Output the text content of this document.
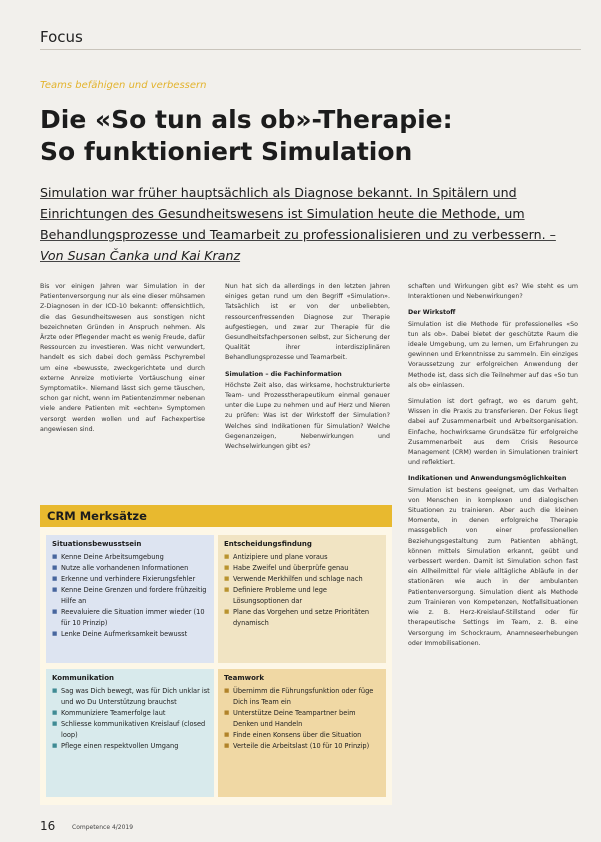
Focus
Teams befähigen und verbessern
Die «So tun als ob»-Therapie:
So funktioniert Simulation

Simulation war früher hauptsächlich als Diagnose bekannt. In Spitälern und Einrichtungen des Gesundheitswesens ist Simulation heute die Methode, um Behandlungsprozesse und Teamarbeit zu professionalisieren und zu verbessern. – Von Susan Čanka und Kai Kranz

Bis vor einigen Jahren war Simulation in der Patientenversorgung nur als eine dieser mühsamen Z-Diagnosen in der ICD-10 bekannt: offensichtlich, die das Gesundheitswesen aus sonstigen nicht bezeichneten Gründen in Anspruch nehmen. Als Ärzte oder Pflegender macht es wenig Freude, dafür Ressourcen zu investieren. Was nicht verwundert, handelt es sich dabei doch gemäss Pschyrembel um eine «bewusste, zweckgerichtete und durch externe Anreize motivierte Vortäuschung einer Symptomatik». Niemand lässt sich gerne täuschen, schon gar nicht, wenn im Patientenzimmer nebenan viele andere Patienten mit «echten» Symptomen versorgt werden wollen und auf Fachexpertise angewiesen sind.

Nun hat sich da allerdings in den letzten Jahren einiges getan rund um den Begriff «Simulation». Tatsächlich ist er von der unbeliebten, ressourcenfressenden Diagnose zur Therapie aufgestiegen, und zwar zur Therapie für die Gesundheitsfachpersonen selbst, zur Sicherung der Qualität ihrer interdisziplinären Behandlungsprozesse und Teamarbeit.

Simulation – die Fachinformation

Höchste Zeit also, das wirksame, hochstrukturierte Team- und Prozesstherapeutikum einmal genauer unter die Lupe zu nehmen und auf Herz und Nieren zu prüfen: Was ist der Wirkstoff der Simulation? Welches sind Indikationen für Simulation? Welche Gegenanzeigen, Nebenwirkungen und Wechselwirkungen gibt es?

schaften und Wirkungen gibt es? Wie steht es um Interaktionen und Nebenwirkungen?

Der Wirkstoff

Simulation ist die Methode für professionelles «So tun als ob». Dabei bietet der geschützte Raum die ideale Umgebung, um zu lernen, um Erfahrungen zu gewinnen und Erkenntnisse zu sammeln. Ein einziges Voraussetzung zur erfolgreichen Anwendung der Methode ist, dass sich die Teilnehmer auf das «So tun als ob» einlassen.

Simulation ist dort gefragt, wo es darum geht, Wissen in die Praxis zu transferieren. Der Fokus liegt dabei auf Zusammenarbeit und Arbeitsorganisation. Einfache, hochwirksame Grundsätze für erfolgreiche Zusammenarbeit aus dem Crisis Resource Management (CRM) werden in Simulationen trainiert und reflektiert.

Indikationen und Anwendungsmöglichkeiten

Simulation ist bestens geeignet, um das Verhalten von Menschen in komplexen und dialogischen Situationen zu trainieren. Aber auch die kleinen Momente, in denen erfolgreiche Therapie massgeblich von einer professionellen Beziehungsgestaltung zum Patienten abhängt, können mittels Simulation erkannt, geübt und verbessert werden. Damit ist Simulation schon fast ein Allheilmittel für viele alltägliche Abläufe in der stationären wie auch in der ambulanten Patientenversorgung. Simulation dient als Methode zum Trainieren von Kompetenzen, Notfallsituationen wie z. B. Herz-Kreislauf-Stillstand oder für therapeutische Settings im Team, z. B. eine Versorgung im Schockraum, Anamneseerhebungen oder Immobilisationen.

CRM Merksätze
Situationsbewusstsein
■ Kenne Deine Arbeitsumgebung
■ Nutze alle vorhandenen Informationen
■ Erkenne und verhindere Fixierungsfehler
■ Kenne Deine Grenzen und fordere frühzeitig Hilfe an
■ Reevaluiere die Situation immer wieder (10 für 10 Prinzip)
■ Lenke Deine Aufmerksamkeit bewusst
Entscheidungsfindung
■ Antizipiere und plane voraus
■ Habe Zweifel und überprüfe genau
■ Verwende Merkhilfen und schlage nach
■ Definiere Probleme und lege Lösungsoptionen dar
■ Plane das Vorgehen und setze Prioritäten dynamisch
Kommunikation
■ Sag was Dich bewegt, was für Dich unklar ist und wo Du Unterstützung brauchst
■ Kommuniziere Teamerfolge laut
■ Schliesse kommunikativen Kreislauf (closed loop)
■ Pflege einen respektvollen Umgang
Teamwork
■ Übernimm die Führungsfunktion oder füge Dich ins Team ein
■ Unterstütze Deine Teampartner beim Denken und Handeln
■ Finde einen Konsens über die Situation
■ Verteile die Arbeitslast (10 für 10 Prinzip)
16	Competence 4/2019
